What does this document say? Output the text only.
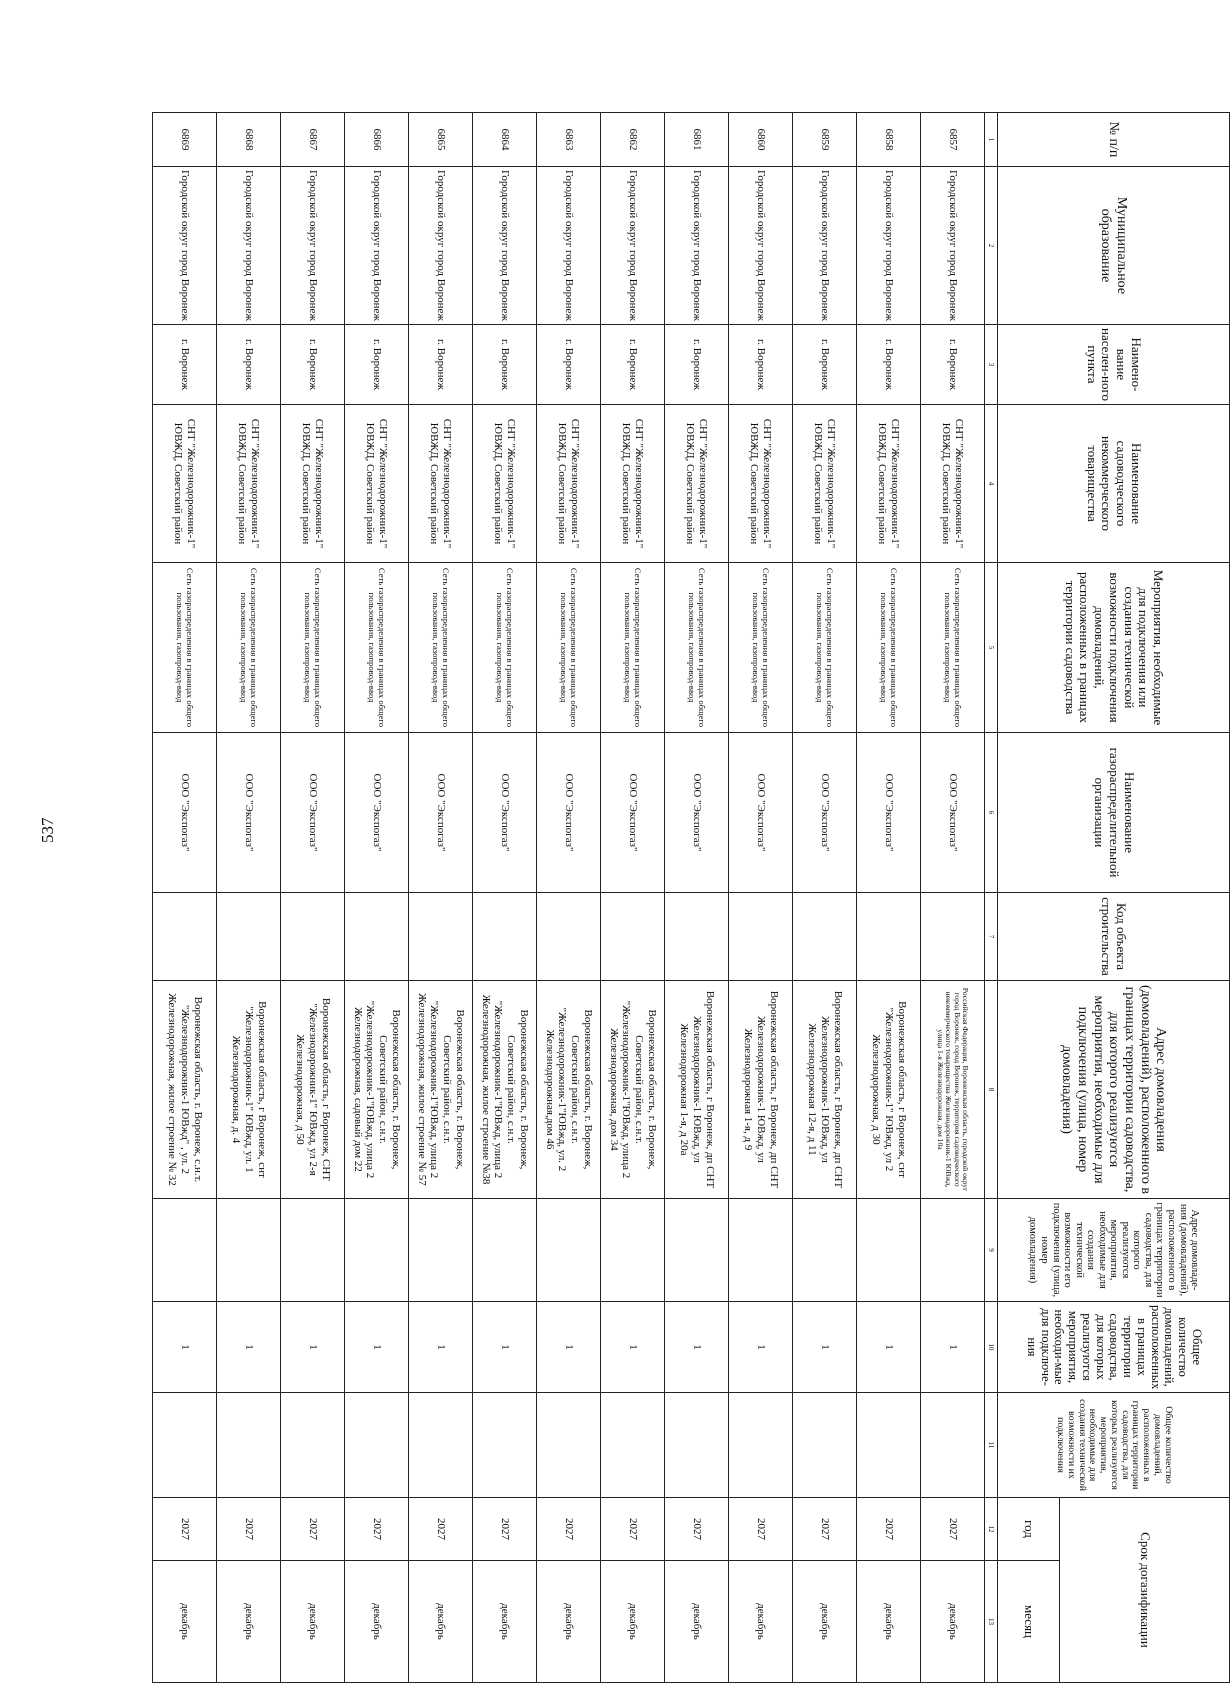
537
№ п/п	Муниципальное образование	Наимено-вание населен-ного пункта	Наименование садоводческого некоммерческого товарищества	Мероприятия, необходимые для подключения или создания технической возможности подключения домовладений, расположенных в границах территории садоводства	Наименование газораспределительной организации	Код объекта строительства	Адрес домовладения (домовладений), расположенного в границах территории садоводства, для которого реализуются мероприятия, необходимые для подключения (улица, номер домовладения)	Адрес домовладе-ния (домовладений), расположенного в границах территории садоводства, для которого реализуются мероприятия, необходимые для создания технической возможности его подключения (улица, номер домовладения)	Общее количество домовладений, расположенных в границах территории садоводства, для которых реализуются мероприятия, необходи-мые для подключе-ния	Общее количество домовладений, расположенных в границах территории садоводства, для которых реализуются мероприятия, необходимые для создания технической возможности их подключения	Срок догазификации	
											год	месяц
1	2	3	4	5	6	7	8	9	10	11	12	13
6857	Городской округ город Воронеж	г. Воронеж	СНТ "Железнодорожник-1" ЮВЖД, Советский район	Сеть газораспределения в границах общего пользования, газопровод-ввод	ООО "Экспогаз"		Российская Федерация, Воронежская область, городской округ город Воронеж, город Воронеж, территория садоводческого некоммерческого товарищества Железнодорожник-1 ЮВжд, улица 1-я Железнодорожная, дом 10а		1		2027	декабрь
6858	Городской округ город Воронеж	г. Воронеж	СНТ "Железнодорожник-1" ЮВЖД, Советский район	Сеть газораспределения в границах общего пользования, газопровод-ввод	ООО "Экспогаз"		Воронежская область, г Воронеж, снт "Железнодорожник-1" ЮВжд, ул 2 Железнодорожная, д 30		1		2027	декабрь
6859	Городской округ город Воронеж	г. Воронеж	СНТ "Железнодорожник-1" ЮВЖД, Советский район	Сеть газораспределения в границах общего пользования, газопровод-ввод	ООО "Экспогаз"		Воронежская область, г Воронеж, дп СНТ Железнодорожник-1 ЮВжд, ул Железнодорожная 12-я, д 11		1		2027	декабрь
6860	Городской округ город Воронеж	г. Воронеж	СНТ "Железнодорожник-1" ЮВЖД, Советский район	Сеть газораспределения в границах общего пользования, газопровод-ввод	ООО "Экспогаз"		Воронежская область, г Воронеж, дп СНТ Железнодорожник-1 ЮВжд, ул Железнодорожная 1-я, д 9		1		2027	декабрь
6861	Городской округ город Воронеж	г. Воронеж	СНТ "Железнодорожник-1" ЮВЖД, Советский район	Сеть газораспределения в границах общего пользования, газопровод-ввод	ООО "Экспогаз"		Воронежская область, г Воронеж, дп СНТ Железнодорожник-1 ЮВжд, ул Железнодорожная 1-я, д 20а		1		2027	декабрь
6862	Городской округ город Воронеж	г. Воронеж	СНТ "Железнодорожник-1" ЮВЖД, Советский район	Сеть газораспределения в границах общего пользования, газопровод-ввод	ООО "Экспогаз"		Воронежская область, г. Воронеж, Советский район, с.н.т. "Железнодорожник-1"ЮВжд, улица 2 Железнодорожная, дом 34		1		2027	декабрь
6863	Городской округ город Воронеж	г. Воронеж	СНТ "Железнодорожник-1" ЮВЖД, Советский район	Сеть газораспределения в границах общего пользования, газопровод-ввод	ООО "Экспогаз"		Воронежская область, г. Воронеж, Советский район, с.н.т. "Железнодорожник-1"ЮВжд, ул. 2 Железнодорожная,дом 46		1		2027	декабрь
6864	Городской округ город Воронеж	г. Воронеж	СНТ "Железнодорожник-1" ЮВЖД, Советский район	Сеть газораспределения в границах общего пользования, газопровод-ввод	ООО "Экспогаз"		Воронежская область, г. Воронеж, Советский район, с.н.т. "Железнодорожник-1"ЮВжд, улица 2 Железнодорожная, жилое строение №38		1		2027	декабрь
6865	Городской округ город Воронеж	г. Воронеж	СНТ "Железнодорожник-1" ЮВЖД, Советский район	Сеть газораспределения в границах общего пользования, газопровод-ввод	ООО "Экспогаз"		Воронежская область, г. Воронеж, Советский район, с.н.т. "Железнодорожник-1"ЮВжд, улица 2 Железнодорожная, жилое строение № 57		1		2027	декабрь
6866	Городской округ город Воронеж	г. Воронеж	СНТ "Железнодорожник-1" ЮВЖД, Советский район	Сеть газораспределения в границах общего пользования, газопровод-ввод	ООО "Экспогаз"		Воронежская область, г. Воронеж, Советский район, с.н.т. "Железнодорожник-1"ЮВжд, улица 2 Железнодорожная, садовый дом 22		1		2027	декабрь
6867	Городской округ город Воронеж	г. Воронеж	СНТ "Железнодорожник-1" ЮВЖД, Советский район	Сеть газораспределения в границах общего пользования, газопровод-ввод	ООО "Экспогаз"		Воронежская область, г Воронеж, СНТ "Железнодорожник-1" ЮВжд, ул 2-я Железнодорожная, д 50		1		2027	декабрь
6868	Городской округ город Воронеж	г. Воронеж	СНТ "Железнодорожник-1" ЮВЖД, Советский район	Сеть газораспределения в границах общего пользования, газопровод-ввод	ООО "Экспогаз"		Воронежская область, г Воронеж, снт "Железнодорожник-1" ЮВжд, ул. 1 Железнодорожная, д. 4		1		2027	декабрь
6869	Городской округ город Воронеж	г. Воронеж	СНТ "Железнодорожник-1" ЮВЖД, Советский район	Сеть газораспределения в границах общего пользования, газопровод-ввод	ООО "Экспогаз"		Воронежская область, г. Воронеж, с.н.т. "Железнодорожник-1 ЮВжд" , ул. 2 Железнодорожная, жилое строение № 32		1		2027	декабрь
